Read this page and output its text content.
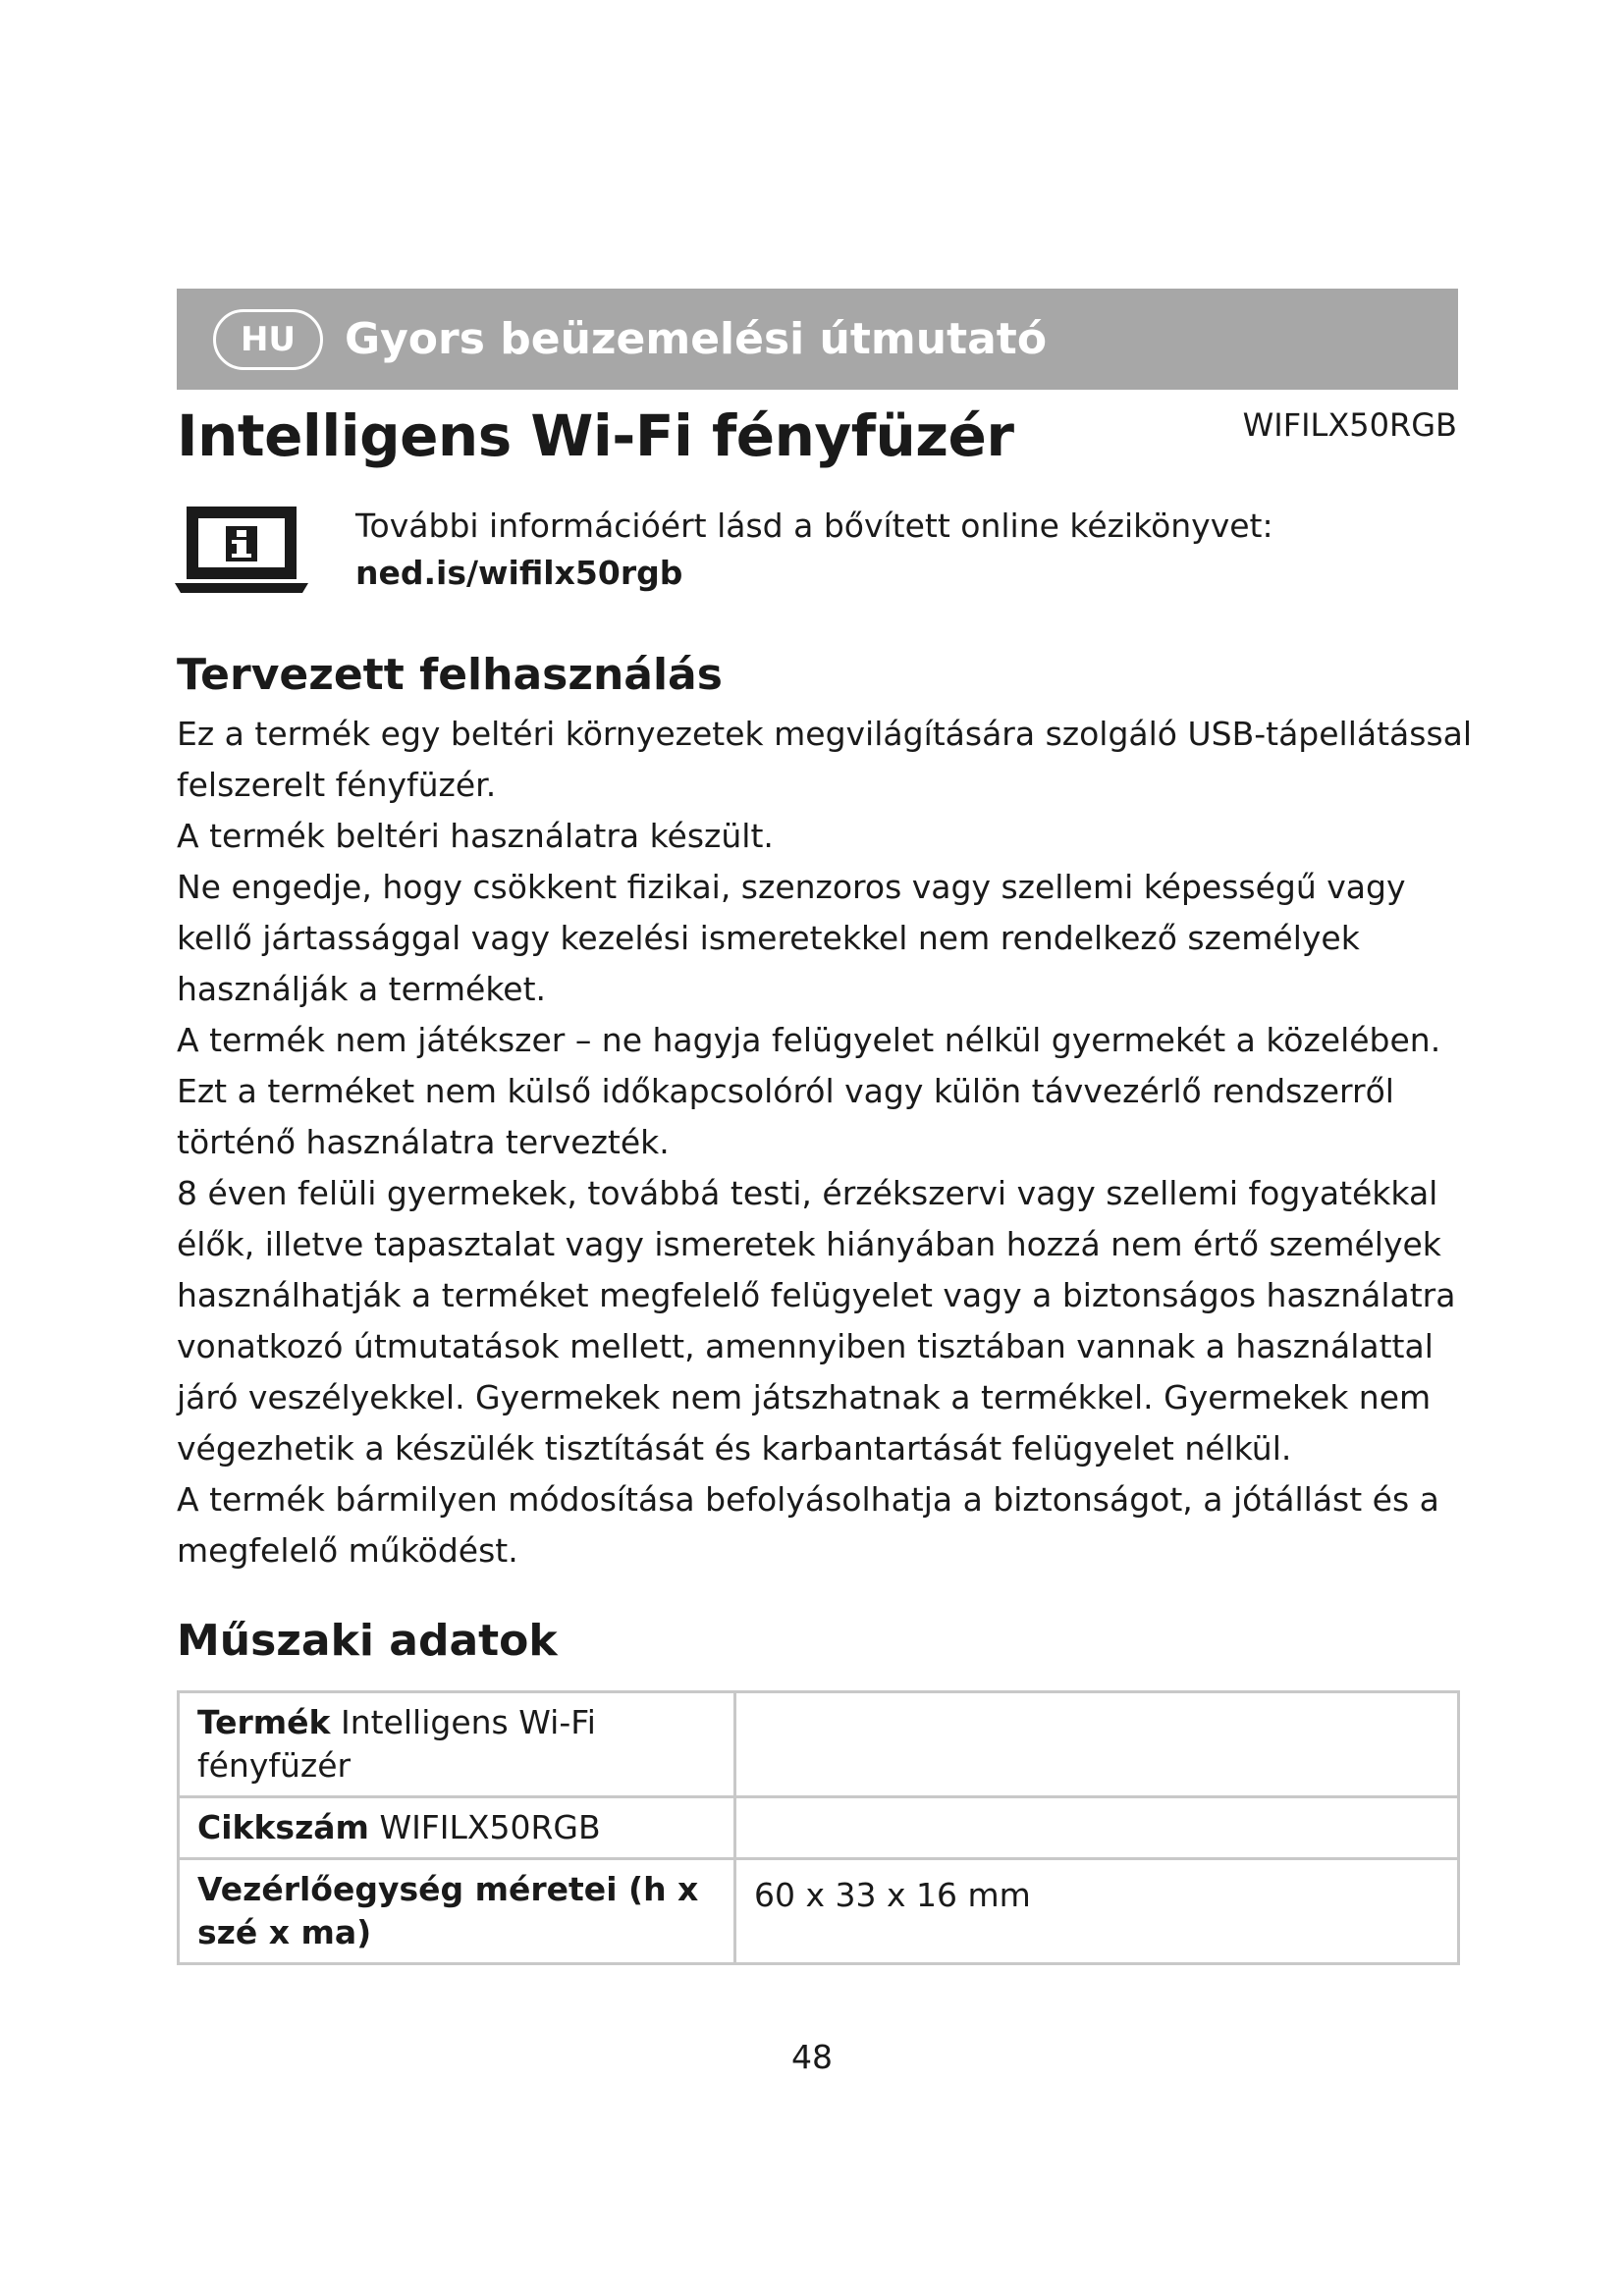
HU	Gyors beüzemelési útmutató
Intelligens Wi-Fi fényfüzér	WIFILX50RGB
További információért lásd a bővített online kézikönyvet:
ned.is/wifilx50rgb
Tervezett felhasználás

Ez a termék egy beltéri környezetek megvilágítására szolgáló USB-tápellátással felszerelt fényfüzér.

A termék beltéri használatra készült.

Ne engedje, hogy csökkent fizikai, szenzoros vagy szellemi képességű vagy kellő jártassággal vagy kezelési ismeretekkel nem rendelkező személyek használják a terméket.

A termék nem játékszer – ne hagyja felügyelet nélkül gyermekét a közelében.

Ezt a terméket nem külső időkapcsolóról vagy külön távvezérlő rendszerről történő használatra tervezték.

8 éven felüli gyermekek, továbbá testi, érzékszervi vagy szellemi fogyatékkal élők, illetve tapasztalat vagy ismeretek hiányában hozzá nem értő személyek használhatják a terméket megfelelő felügyelet vagy a biztonságos használatra vonatkozó útmutatások mellett, amennyiben tisztában vannak a használattal járó veszélyekkel. Gyermekek nem játszhatnak a termékkel. Gyermekek nem végezhetik a készülék tisztítását és karbantartását felügyelet nélkül.

A termék bármilyen módosítása befolyásolhatja a biztonságot, a jótállást és a megfelelő működést.

Műszaki adatok
Termék Intelligens Wi-Fi fényfüzér	
Cikkszám WIFILX50RGB	
Vezérlőegység méretei (h x szé x ma)	60 x 33 x 16 mm
48
